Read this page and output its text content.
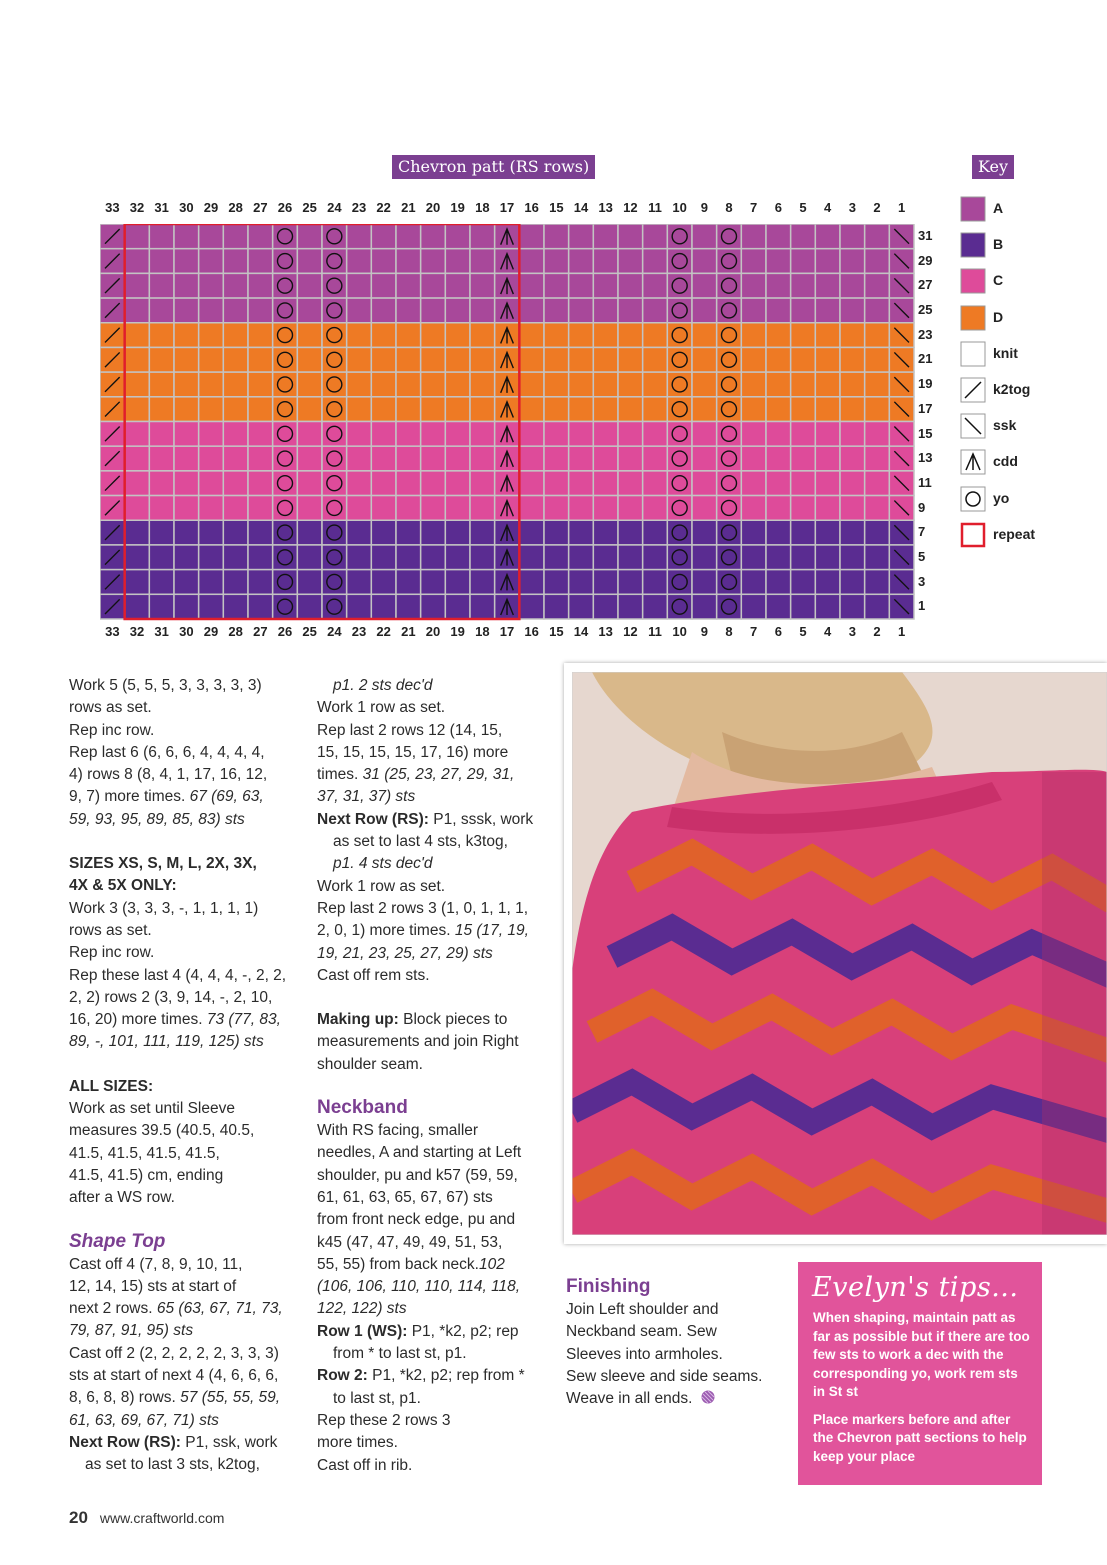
Chevron patt (RS rows)	Key
33 32 31 30 29 28 27 26 25 24 23 22 21 20 19 18 17 16 15 14 13 12 11 10	9	8	7	6	5	4	3	2	1
33 32 31 30 29 28 27 26 25 24 23 22 21 20 19 18 17 16 15 14 13 12 11 10	9	8	7	6	5	4	3	2	1
31
29
27
25
23
21
19
17
15
13
11
9
7
5
3
1
A
B
C
D
knit
k2tog
ssk
cdd
yo
repeat

Work 5 (5, 5, 5, 3, 3, 3, 3, 3)

rows as set.

Rep inc row.

Rep last 6 (6, 6, 6, 4, 4, 4, 4,

4) rows 8 (8, 4, 1, 17, 16, 12,

9, 7) more times. 67 (69, 63,

59, 93, 95, 89, 85, 83) sts

SIZES XS, S, M, L, 2X, 3X,

4X & 5X ONLY:

Work 3 (3, 3, 3, -, 1, 1, 1, 1)

rows as set.

Rep inc row.

Rep these last 4 (4, 4, 4, -, 2, 2,

2, 2) rows 2 (3, 9, 14, -, 2, 10,

16, 20) more times. 73 (77, 83,

89, -, 101, 111, 119, 125) sts

ALL SIZES:

Work as set until Sleeve

measures 39.5 (40.5, 40.5,

41.5, 41.5, 41.5, 41.5,

41.5, 41.5) cm, ending

after a WS row.

Shape Top

Cast off 4 (7, 8, 9, 10, 11,

12, 14, 15) sts at start of

next 2 rows. 65 (63, 67, 71, 73,

79, 87, 91, 95) sts

Cast off 2 (2, 2, 2, 2, 2, 3, 3, 3)

sts at start of next 4 (4, 6, 6, 6,

8, 6, 8, 8) rows. 57 (55, 55, 59,

61, 63, 69, 67, 71) sts

Next Row (RS): P1, ssk, work

as set to last 3 sts, k2tog,

p1. 2 sts dec'd

Work 1 row as set.

Rep last 2 rows 12 (14, 15,

15, 15, 15, 15, 17, 16) more

times. 31 (25, 23, 27, 29, 31,

37, 31, 37) sts

Next Row (RS): P1, sssk, work

as set to last 4 sts, k3tog,

p1. 4 sts dec'd

Work 1 row as set.

Rep last 2 rows 3 (1, 0, 1, 1, 1,

2, 0, 1) more times. 15 (17, 19,

19, 21, 23, 25, 27, 29) sts

Cast off rem sts.

Making up: Block pieces to

measurements and join Right

shoulder seam.

Neckband

With RS facing, smaller

needles, A and starting at Left

shoulder, pu and k57 (59, 59,

61, 61, 63, 65, 67, 67) sts

from front neck edge, pu and

k45 (47, 47, 49, 49, 51, 53,

55, 55) from back neck.102

(106, 106, 110, 110, 114, 118,

122, 122) sts

Row 1 (WS): P1, *k2, p2; rep

from * to last st, p1.

Row 2: P1, *k2, p2; rep from *

to last st, p1.

Rep these 2 rows 3

more times.

Cast off in rib.

Finishing

Join Left shoulder and

Neckband seam. Sew

Sleeves into armholes.

Sew sleeve and side seams.

Weave in all ends.

Evelyn's tips...

When shaping, maintain patt as far as possible but if there are too few sts to work a dec with the corresponding yo, work rem sts in St st

Place markers before and after the Chevron patt sections to help keep your place

20 www.craftworld.com
